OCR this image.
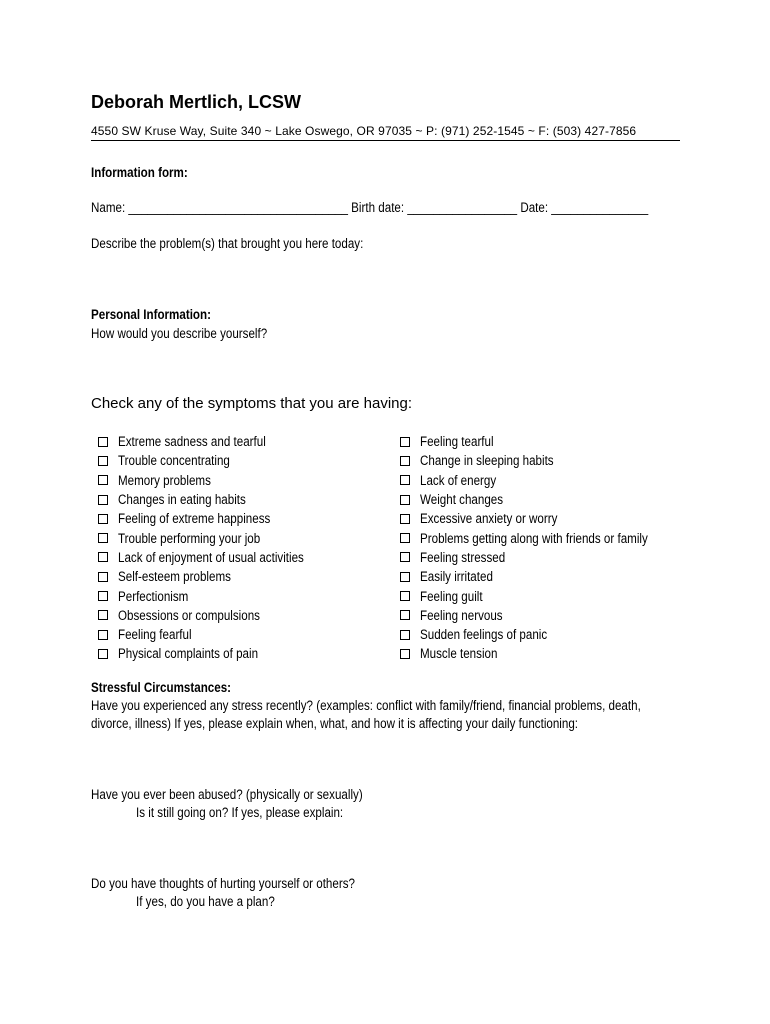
Deborah Mertlich, LCSW
4550 SW Kruse Way, Suite 340 ~ Lake Oswego, OR 97035 ~ P: (971) 252-1545 ~ F: (503) 427-7856
Information form:
Name: __________________________________ Birth date: _________________ Date: _______________
Describe the problem(s) that brought you here today:
Personal Information:
How would you describe yourself?
Check any of the symptoms that you are having:
Extreme sadness and tearful
Trouble concentrating
Memory problems
Changes in eating habits
Feeling of extreme happiness
Trouble performing your job
Lack of enjoyment of usual activities
Self-esteem problems
Perfectionism
Obsessions or compulsions
Feeling fearful
Physical complaints of pain
Feeling tearful
Change in sleeping habits
Lack of energy
Weight changes
Excessive anxiety or worry
Problems getting along with friends or family
Feeling stressed
Easily irritated
Feeling guilt
Feeling nervous
Sudden feelings of panic
Muscle tension
Stressful Circumstances:
Have you experienced any stress recently? (examples: conflict with family/friend, financial problems, death,
divorce, illness) If yes, please explain when, what, and how it is affecting your daily functioning:
Have you ever been abused? (physically or sexually)
Is it still going on? If yes, please explain:
Do you have thoughts of hurting yourself or others?
If yes, do you have a plan?
